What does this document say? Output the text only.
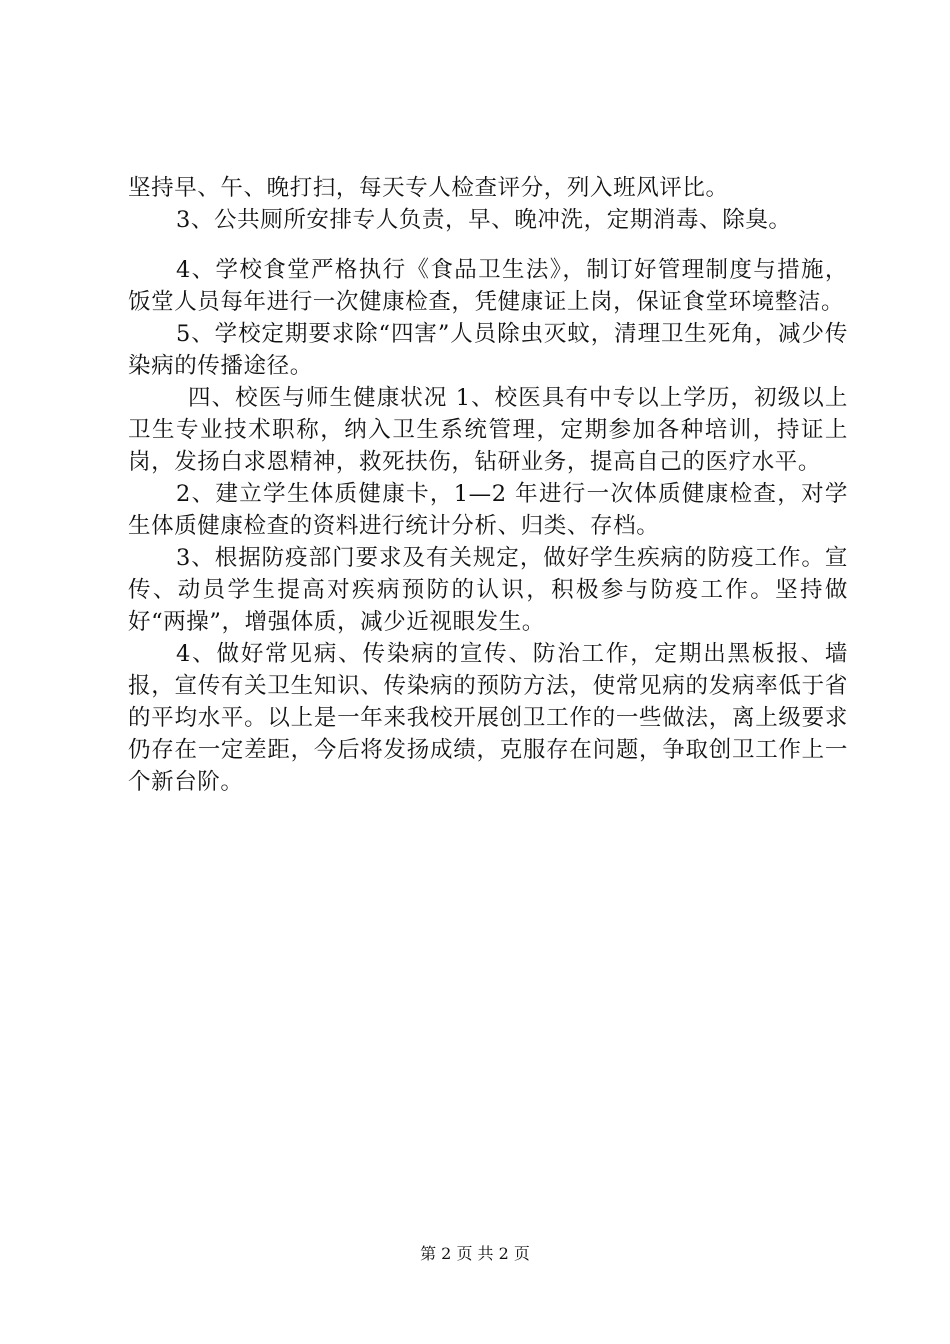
坚持早、午、晚打扫，每天专人检查评分，列入班风评比。

3、公共厕所安排专人负责，早、晚冲洗，定期消毒、除臭。

4、学校食堂严格执行《食品卫生法》，制订好管理制度与措施，饭堂人员每年进行一次健康检查，凭健康证上岗，保证食堂环境整洁。

5、学校定期要求除“四害”人员除虫灭蚊，清理卫生死角，减少传染病的传播途径。

四、校医与师生健康状况 1、校医具有中专以上学历，初级以上卫生专业技术职称，纳入卫生系统管理，定期参加各种培训，持证上岗，发扬白求恩精神，救死扶伤，钻研业务，提高自己的医疗水平。

2、建立学生体质健康卡，1—2 年进行一次体质健康检查，对学生体质健康检查的资料进行统计分析、归类、存档。

3、根据防疫部门要求及有关规定，做好学生疾病的防疫工作。宣传、动员学生提高对疾病预防的认识，积极参与防疫工作。坚持做好“两操”，增强体质，减少近视眼发生。

4、做好常见病、传染病的宣传、防治工作，定期出黑板报、墙报，宣传有关卫生知识、传染病的预防方法，使常见病的发病率低于省的平均水平。以上是一年来我校开展创卫工作的一些做法，离上级要求仍存在一定差距，今后将发扬成绩，克服存在问题，争取创卫工作上一个新台阶。

第 2 页 共 2 页
